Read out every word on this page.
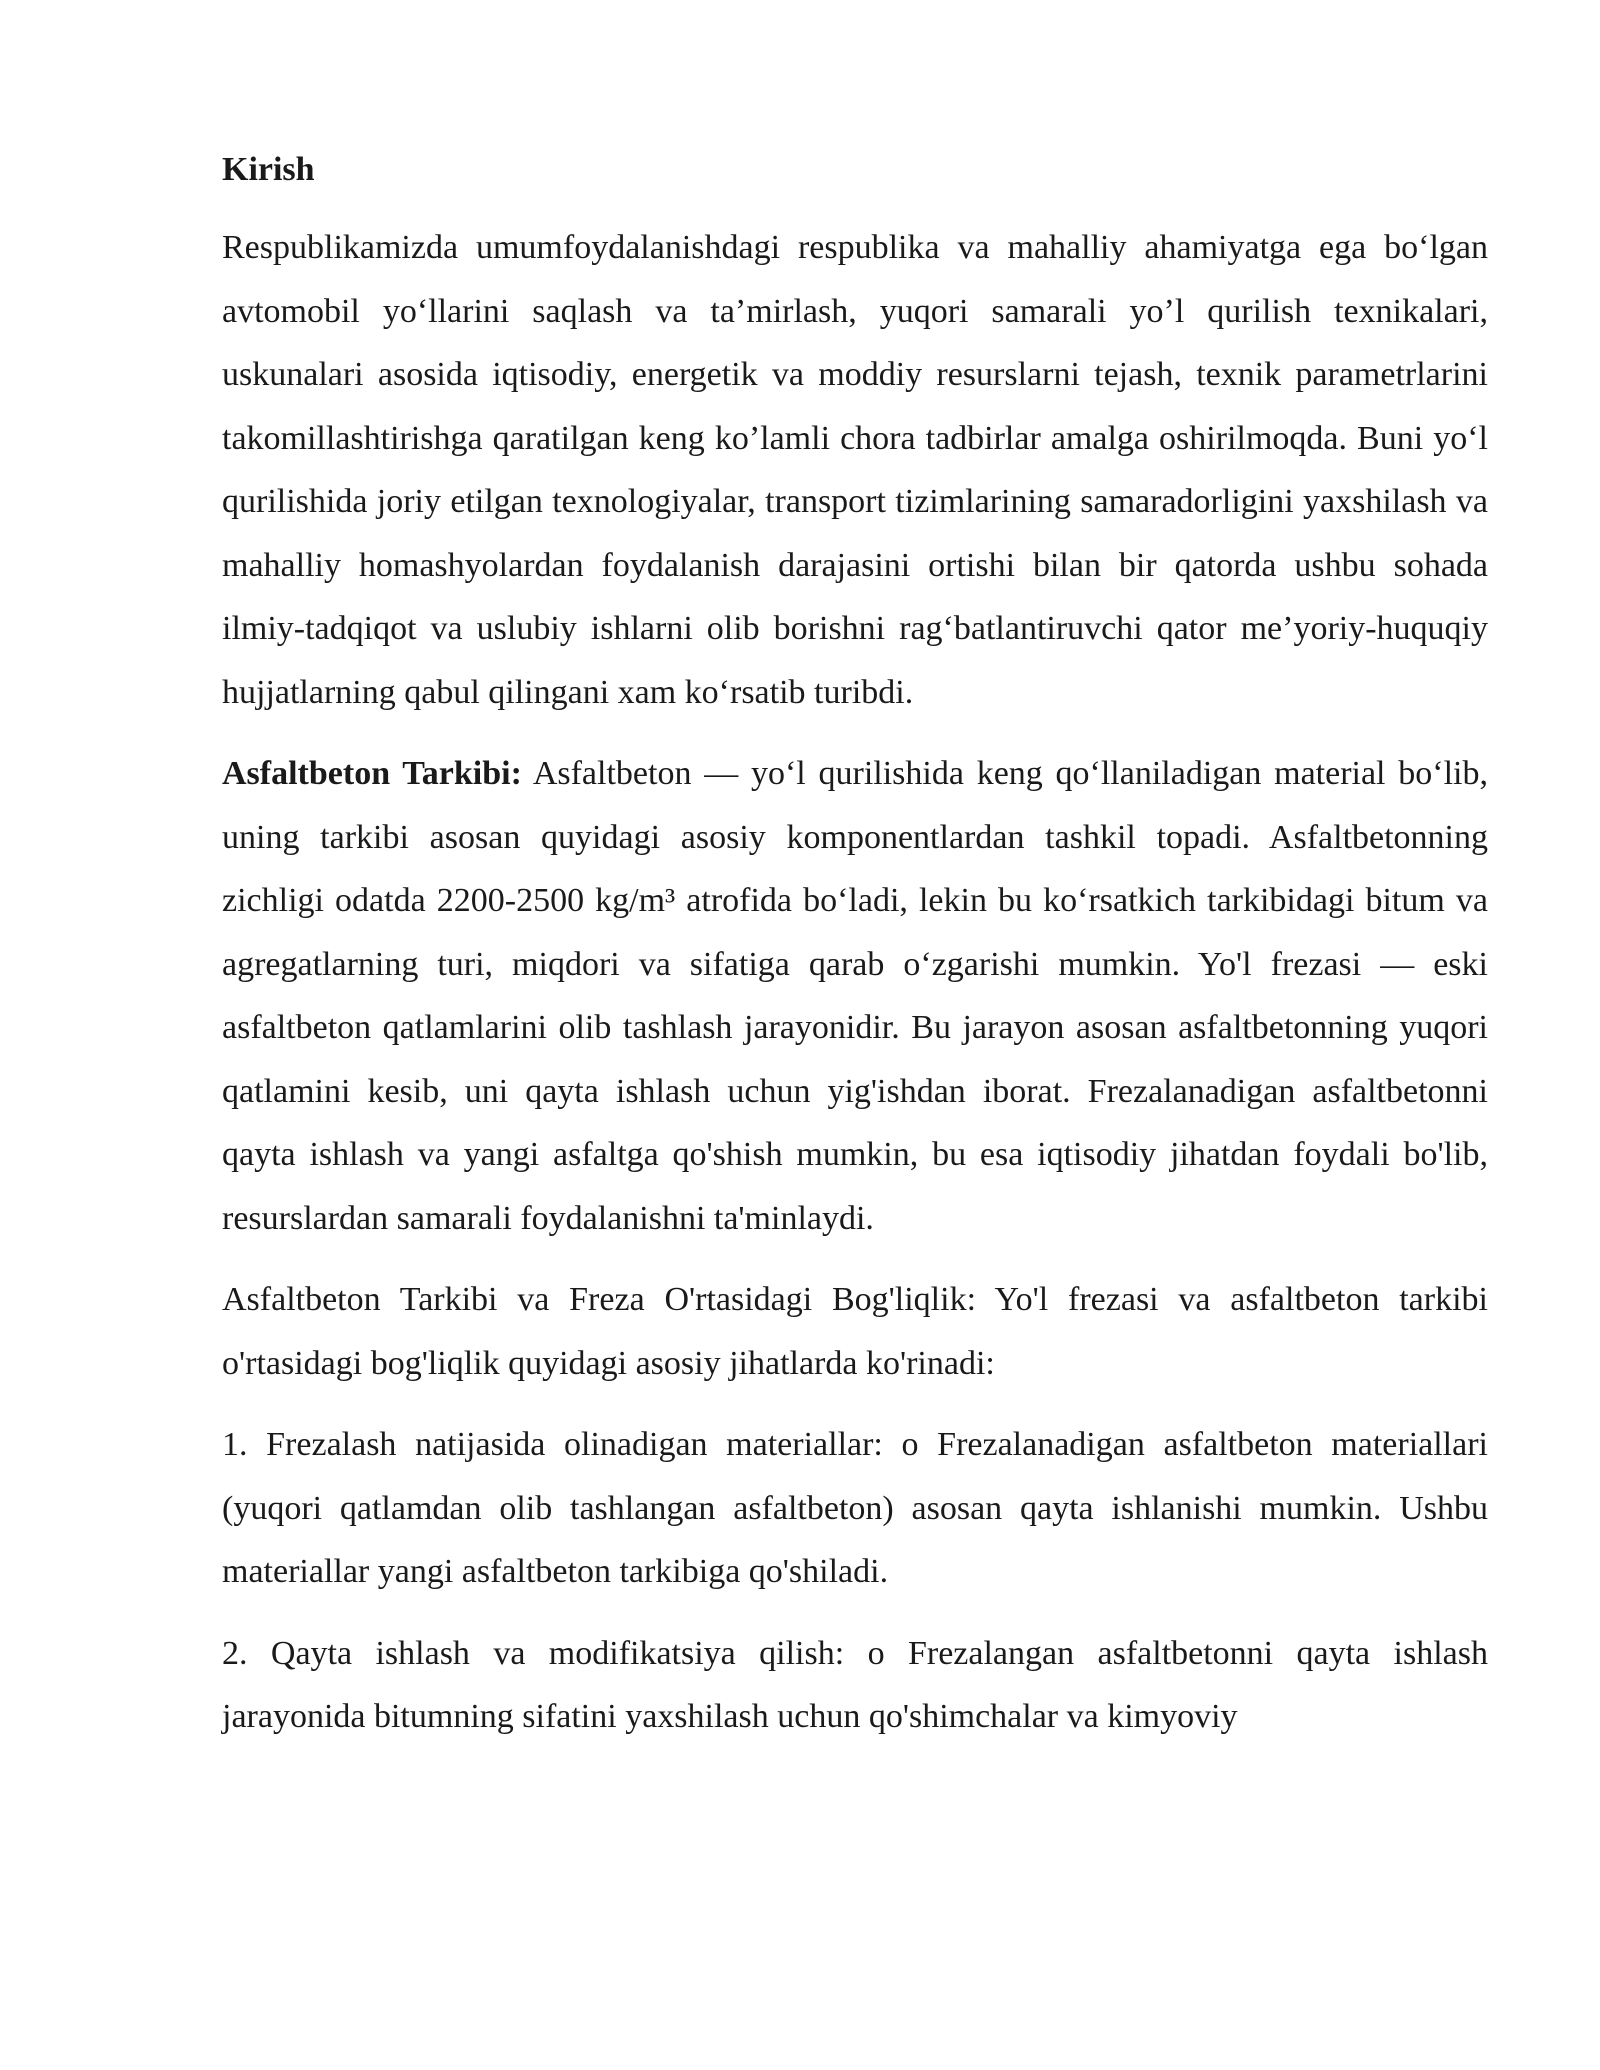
Kirish

Respublikamizda umumfoydalanishdagi respublika va mahalliy ahamiyatga ega bo‘lgan avtomobil yo‘llarini saqlash va ta’mirlash, yuqori samarali yo’l qurilish texnikalari, uskunalari asosida iqtisodiy, energetik va moddiy resurslarni tejash, texnik parametrlarini takomillashtirishga qaratilgan keng ko’lamli chora tadbirlar amalga oshirilmoqda. Buni yo‘l qurilishida joriy etilgan texnologiyalar, transport tizimlarining samaradorligini yaxshilash va mahalliy homashyolardan foydalanish darajasini ortishi bilan bir qatorda ushbu sohada ilmiy-tadqiqot va uslubiy ishlarni olib borishni rag‘batlantiruvchi qator me’yoriy-huquqiy hujjatlarning qabul qilingani xam ko‘rsatib turibdi.

Asfaltbeton Tarkibi: Asfaltbeton — yo‘l qurilishida keng qo‘llaniladigan material bo‘lib, uning tarkibi asosan quyidagi asosiy komponentlardan tashkil topadi. Asfaltbetonning zichligi odatda 2200-2500 kg/m³ atrofida bo‘ladi, lekin bu ko‘rsatkich tarkibidagi bitum va agregatlarning turi, miqdori va sifatiga qarab o‘zgarishi mumkin. Yo'l frezasi — eski asfaltbeton qatlamlarini olib tashlash jarayonidir. Bu jarayon asosan asfaltbetonning yuqori qatlamini kesib, uni qayta ishlash uchun yig'ishdan iborat. Frezalanadigan asfaltbetonni qayta ishlash va yangi asfaltga qo'shish mumkin, bu esa iqtisodiy jihatdan foydali bo'lib, resurslardan samarali foydalanishni ta'minlaydi.

Asfaltbeton Tarkibi va Freza O'rtasidagi Bog'liqlik: Yo'l frezasi va asfaltbeton tarkibi o'rtasidagi bog'liqlik quyidagi asosiy jihatlarda ko'rinadi:

1. Frezalash natijasida olinadigan materiallar: o Frezalanadigan asfaltbeton materiallari (yuqori qatlamdan olib tashlangan asfaltbeton) asosan qayta ishlanishi mumkin. Ushbu materiallar yangi asfaltbeton tarkibiga qo'shiladi.

2. Qayta ishlash va modifikatsiya qilish: o Frezalangan asfaltbetonni qayta ishlash jarayonida bitumning sifatini yaxshilash uchun qo'shimchalar va kimyoviy
